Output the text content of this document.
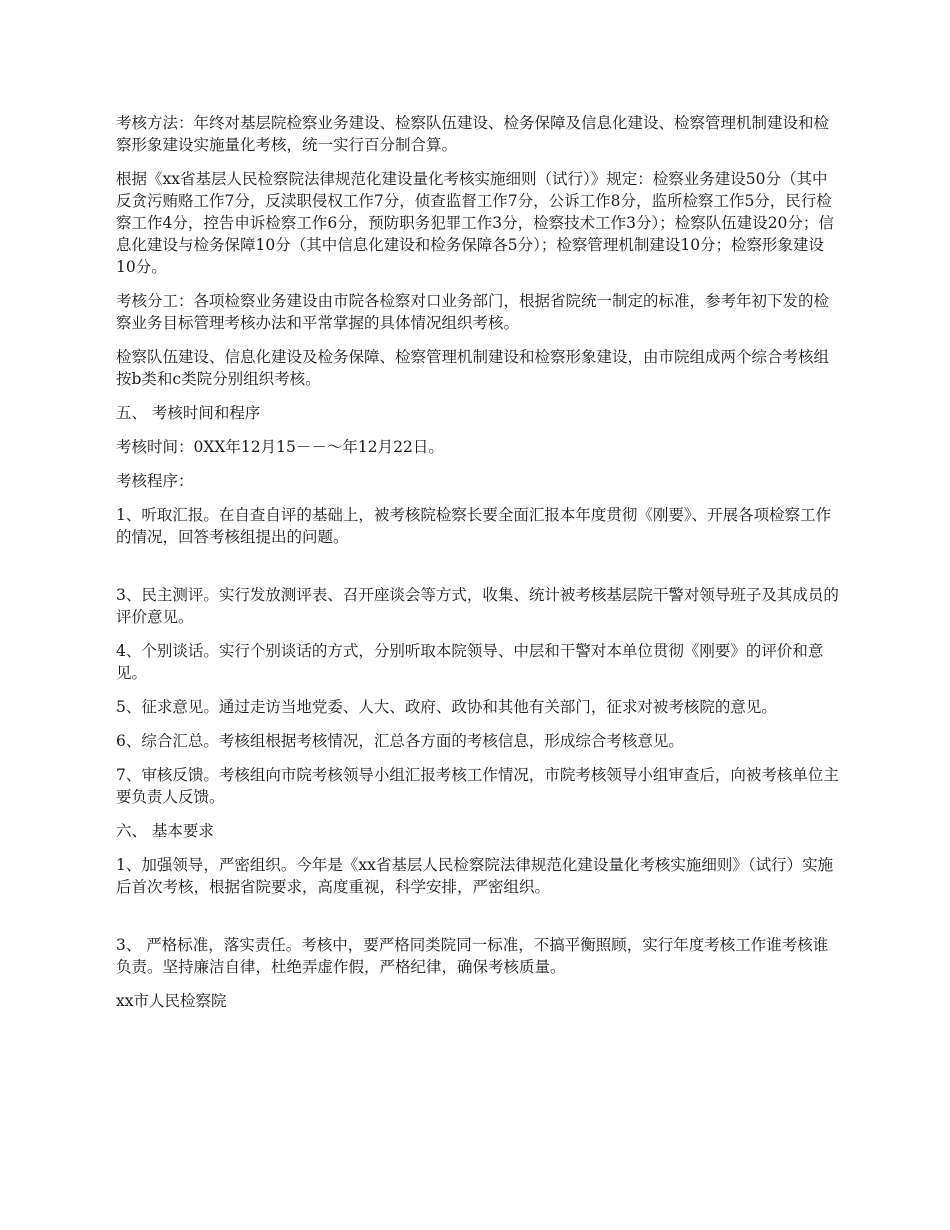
考核方法：年终对基层院检察业务建设、检察队伍建设、检务保障及信息化建设、检察管理机制建设和检察形象建设实施量化考核，统一实行百分制合算。

根据《xx省基层人民检察院法律规范化建设量化考核实施细则（试行）》规定：检察业务建设50分（其中反贪污贿赂工作7分，反渎职侵权工作7分，侦查监督工作7分，公诉工作8分，监所检察工作5分，民行检察工作4分，控告申诉检察工作6分，预防职务犯罪工作3分，检察技术工作3分）；检察队伍建设20分；信息化建设与检务保障10分（其中信息化建设和检务保障各5分）；检察管理机制建设10分；检察形象建设10分。

考核分工：各项检察业务建设由市院各检察对口业务部门，根据省院统一制定的标准，参考年初下发的检察业务目标管理考核办法和平常掌握的具体情况组织考核。

检察队伍建设、信息化建设及检务保障、检察管理机制建设和检察形象建设，由市院组成两个综合考核组按b类和c类院分别组织考核。

五、 考核时间和程序

考核时间：0XX年12月15－－～年12月22日。

考核程序：

1、听取汇报。在自查自评的基础上，被考核院检察长要全面汇报本年度贯彻《刚要》、开展各项检察工作的情况，回答考核组提出的问题。

3、民主测评。实行发放测评表、召开座谈会等方式，收集、统计被考核基层院干警对领导班子及其成员的评价意见。

4、个别谈话。实行个别谈话的方式，分别听取本院领导、中层和干警对本单位贯彻《刚要》的评价和意见。

5、征求意见。通过走访当地党委、人大、政府、政协和其他有关部门，征求对被考核院的意见。

6、综合汇总。考核组根据考核情况，汇总各方面的考核信息，形成综合考核意见。

7、审核反馈。考核组向市院考核领导小组汇报考核工作情况，市院考核领导小组审查后，向被考核单位主要负责人反馈。

六、 基本要求

1、加强领导，严密组织。今年是《xx省基层人民检察院法律规范化建设量化考核实施细则》（试行）实施后首次考核，根据省院要求，高度重视，科学安排，严密组织。

3、 严格标准，落实责任。考核中，要严格同类院同一标准，不搞平衡照顾，实行年度考核工作谁考核谁负责。坚持廉洁自律，杜绝弄虚作假，严格纪律，确保考核质量。

xx市人民检察院
